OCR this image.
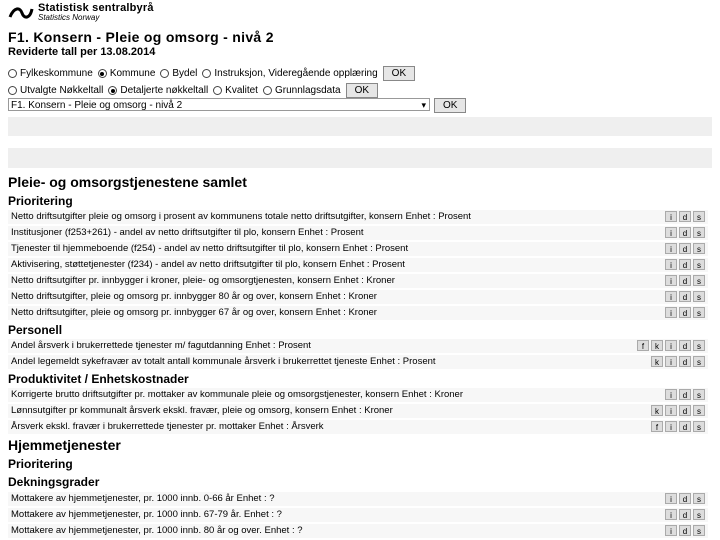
Statistisk sentralbyrå
Statistics Norway
F1. Konsern - Pleie og omsorg - nivå 2
Reviderte tall per 13.08.2014
Fylkeskommune Kommune Bydel Instruksjon, Videregående opplæring	OK
Utvalgte Nøkkeltall Detaljerte nøkkeltall Kvalitet Grunnlagsdata	OK
F1. Konsern - Pleie og omsorg - nivå 2	▾	OK
Pleie- og omsorgstjenestene samlet
Prioritering
Netto driftsutgifter pleie og omsorg i prosent av kommunens totale netto driftsutgifter, konsern Enhet : Prosent	i	d	s
Institusjoner (f253+261) - andel av netto driftsutgifter til plo, konsern Enhet : Prosent	i	d	s
Tjenester til hjemmeboende (f254) - andel av netto driftsutgifter til plo, konsern Enhet : Prosent	i	d	s
Aktivisering, støttetjenester (f234) - andel av netto driftsutgifter til plo, konsern Enhet : Prosent	i	d	s
Netto driftsutgifter pr. innbygger i kroner, pleie- og omsorgtjenesten, konsern Enhet : Kroner	i	d	s
Netto driftsutgifter, pleie og omsorg pr. innbygger 80 år og over, konsern Enhet : Kroner	i	d	s
Netto driftsutgifter, pleie og omsorg pr. innbygger 67 år og over, konsern Enhet : Kroner	i	d	s
Personell
Andel årsverk i brukerrettede tjenester m/ fagutdanning Enhet : Prosent	f	k	i	d	s
Andel legemeldt sykefravær av totalt antall kommunale årsverk i brukerrettet tjeneste Enhet : Prosent	k	i	d	s
Produktivitet / Enhetskostnader
Korrigerte brutto driftsutgifter pr. mottaker av kommunale pleie og omsorgstjenester, konsern Enhet : Kroner	i	d	s
Lønnsutgifter pr kommunalt årsverk ekskl. fravær, pleie og omsorg, konsern Enhet : Kroner	k	i	d	s
Årsverk ekskl. fravær i brukerrettede tjenester pr. mottaker Enhet : Årsverk	f	i	d	s
Hjemmetjenester
Prioritering
Dekningsgrader
Mottakere av hjemmetjenester, pr. 1000 innb. 0-66 år Enhet : ?	i	d	s
Mottakere av hjemmetjenester, pr. 1000 innb. 67-79 år. Enhet : ?	i	d	s
Mottakere av hjemmetjenester, pr. 1000 innb. 80 år og over. Enhet : ?	i	d	s
